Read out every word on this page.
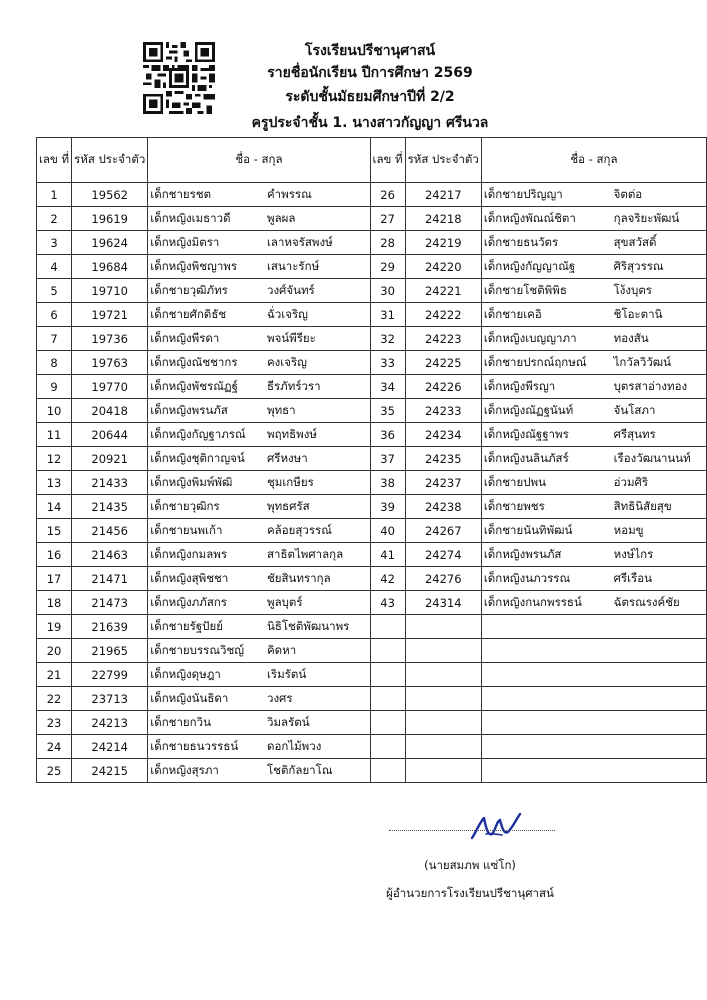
โรงเรียนปรีชานุศาสน์
รายชื่อนักเรียน ปีการศึกษา 2569
ระดับชั้นมัธยมศึกษาปีที่ 2/2
ครูประจำชั้น 1. นางสาวกัญญา ศรีนวล
เลข ที่	รหัส ประจำตัว	ชื่อ - สกุล		เลข ที่	รหัส ประจำตัว	ชื่อ - สกุล	
1	19562	เด็กชายรชต	คำพรรณ	26	24217	เด็กชายปริญญา	จิตต่อ
2	19619	เด็กหญิงเมธาวดี	พูลผล	27	24218	เด็กหญิงพัณณ์ชิตา	กุลจริยะพัฒน์
3	19624	เด็กหญิงมิตรา	เลาหจรัสพงษ์	28	24219	เด็กชายธนวัตร	สุขสวัสดิ์
4	19684	เด็กหญิงพิชญาพร	เสนาะรักษ์	29	24220	เด็กหญิงกัญญาณัฐ	ศิริสุวรรณ
5	19710	เด็กชายวุฒิภัทร	วงศ์จันทร์	30	24221	เด็กชายโชติพิพิธ	โง้งบุตร
6	19721	เด็กชายศักดิธัช	ฉั่วเจริญ	31	24222	เด็กชายเคอิ	ชิโอะตานิ
7	19736	เด็กหญิงพีรดา	พจน์พีรียะ	32	24223	เด็กหญิงเบญญาภา	ทองสัน
8	19763	เด็กหญิงณัชชากร	คงเจริญ	33	24225	เด็กชายปรกณ์ฤกษณ์	ไกวัลวิวัฒน์
9	19770	เด็กหญิงพัชรณัฏฐ์	ธีรภัทร์วรา	34	24226	เด็กหญิงพีรญา	บุตรสาอ่างทอง
10	20418	เด็กหญิงพรนภัส	พุทธา	35	24233	เด็กหญิงณัฏฐนันท์	จันโสภา
11	20644	เด็กหญิงกัญฐาภรณ์	พฤทธิพงษ์	36	24234	เด็กหญิงณัฐฐาพร	ศรีสุนทร
12	20921	เด็กหญิงชุติกาญจน์	ศรีหงษา	37	24235	เด็กหญิงนลินภัสร์	เรืองวัฒนานนท์
13	21433	เด็กหญิงพิมพ์พัฒิ	ชุมเกษียร	38	24237	เด็กชายปพน	อ่วมศิริ
14	21435	เด็กชายวุฒิกร	พุทธศรัส	39	24238	เด็กชายพชร	สิทธินิสัยสุข
15	21456	เด็กชายนพเก้า	คล้อยสุวรรณ์	40	24267	เด็กชายนันทิพัฒน์	หอมขู
16	21463	เด็กหญิงกมลพร	สาธิตไพศาลกุล	41	24274	เด็กหญิงพรนภัส	หงษ์ไกร
17	21471	เด็กหญิงสุพิชชา	ชัยสินทรากุล	42	24276	เด็กหญิงนภวรรณ	ศรีเรือน
18	21473	เด็กหญิงภภัสกร	พูลบุตร์	43	24314	เด็กหญิงกนกพรรธน์	ฉัตรณรงค์ชัย
19	21639	เด็กชายรัฐปัยย์	นิธิโชติพัฒนาพร				
20	21965	เด็กชายบรรณวิชญ์	คิดหา				
21	22799	เด็กหญิงดุษฎา	เริมรัตน์				
22	23713	เด็กหญิงนันธิดา	วงศร				
23	24213	เด็กชายกวิน	วิมลรัตน์				
24	24214	เด็กชายธนวรรธน์	ดอกไม้พวง				
25	24215	เด็กหญิงสุรภา	โชติกัลยาโณ				
(นายสมภพ แซ่โก)
ผู้อำนวยการโรงเรียนปรีชานุศาสน์
